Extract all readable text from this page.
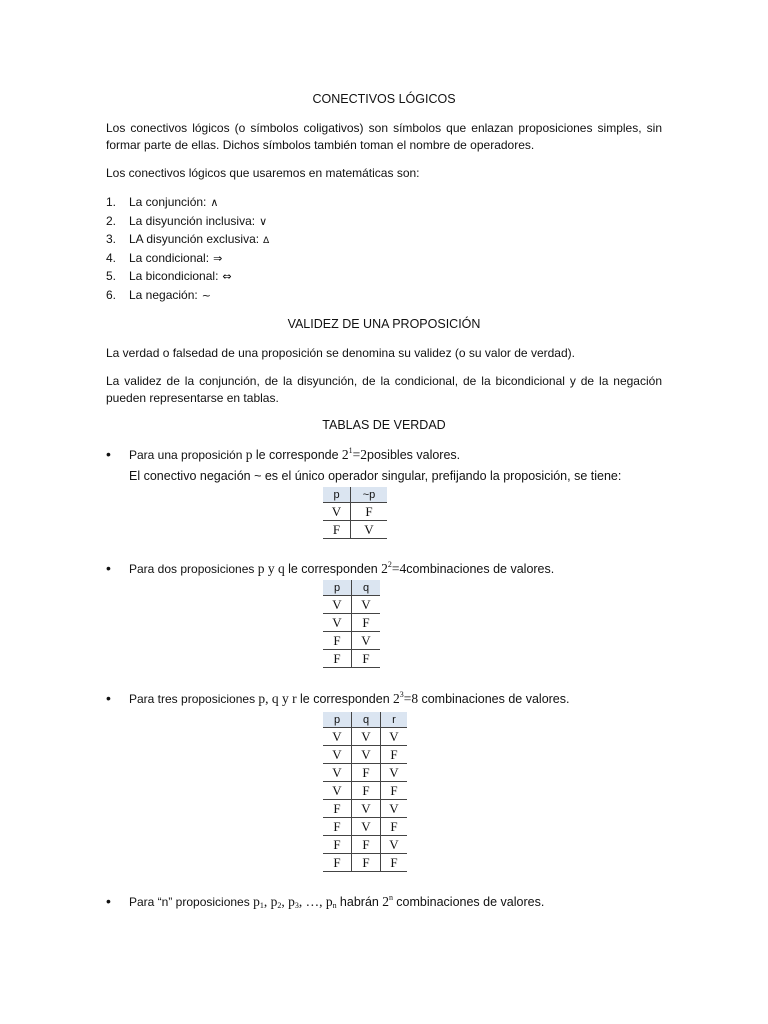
CONECTIVOS LÓGICOS
Los conectivos lógicos (o símbolos coligativos) son símbolos que enlazan proposiciones simples, sin formar parte de ellas. Dichos símbolos también toman el nombre de operadores.
Los conectivos lógicos que usaremos en matemáticas son:
1. La conjunción: ∧
2. La disyunción inclusiva: ∨
3. LA disyunción exclusiva: ∆
4. La condicional: ⇒
5. La bicondicional: ⇔
6. La negación: ~
VALIDEZ DE UNA PROPOSICIÓN
La verdad o falsedad de una proposición se denomina su validez (o su valor de verdad).
La validez de la conjunción, de la disyunción, de la condicional, de la bicondicional y de la negación pueden representarse en tablas.
TABLAS DE VERDAD
• Para una proposición p le corresponde $2^1=2posibles$ valores.
El conectivo negación ~ es el único operador singular, prefijando la proposición, se tiene:
p	~p
V	F
F	V
• Para dos proposiciones p y q le corresponden $2^2=4combinaciones$ de valores.
p	q
V	V
V	F
F	V
F	F
• Para tres proposiciones p, q y r le corresponden $2^3=8$ combinaciones de valores.
p	q	r
V	V	V
V	V	F
V	F	V
V	F	F
F	V	V
F	V	F
F	F	V
F	F	F
• Para “n” proposiciones $p_1$, $p_2$, $p_3$, …, $p_n$ habrán 2$^n$ combinaciones de valores.
